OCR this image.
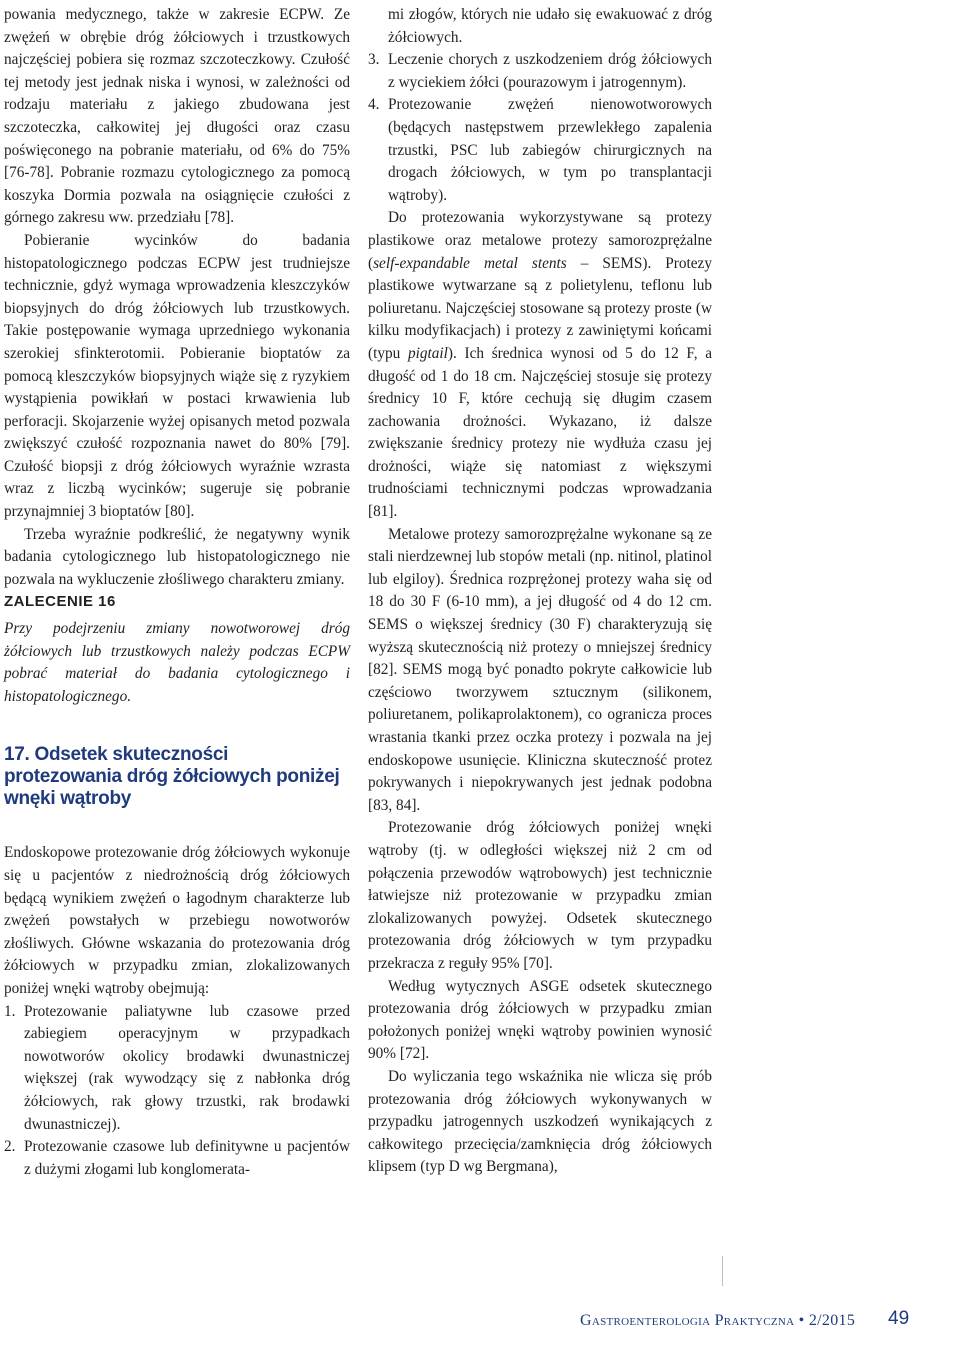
powania medycznego, także w zakresie ECPW. Ze zwężeń w obrębie dróg żółciowych i trzustkowych najczęściej pobiera się rozmaz szczoteczkowy. Czułość tej metody jest jednak niska i wynosi, w zależności od rodzaju materiału z jakiego zbudowana jest szczoteczka, całkowitej jej długości oraz czasu poświęconego na pobranie materiału, od 6% do 75% [76-78]. Pobranie rozmazu cytologicznego za pomocą koszyka Dormia pozwala na osiągnięcie czułości z górnego zakresu ww. przedziału [78].

Pobieranie wycinków do badania histopatologicznego podczas ECPW jest trudniejsze technicznie, gdyż wymaga wprowadzenia kleszczyków biopsyjnych do dróg żółciowych lub trzustkowych. Takie postępowanie wymaga uprzedniego wykonania szerokiej sfinkterotomii. Pobieranie bioptatów za pomocą kleszczyków biopsyjnych wiąże się z ryzykiem wystąpienia powikłań w postaci krwawienia lub perforacji. Skojarzenie wyżej opisanych metod pozwala zwiększyć czułość rozpoznania nawet do 80% [79]. Czułość biopsji z dróg żółciowych wyraźnie wzrasta wraz z liczbą wycinków; sugeruje się pobranie przynajmniej 3 bioptatów [80].

Trzeba wyraźnie podkreślić, że negatywny wynik badania cytologicznego lub histopatologicznego nie pozwala na wykluczenie złośliwego charakteru zmiany.

ZALECENIE 16

Przy podejrzeniu zmiany nowotworowej dróg żółciowych lub trzustkowych należy podczas ECPW pobrać materiał do badania cytologicznego i histopatologicznego.

17. Odsetek skuteczności protezowania dróg żółciowych poniżej wnęki wątroby

Endoskopowe protezowanie dróg żółciowych wykonuje się u pacjentów z niedrożnością dróg żółciowych będącą wynikiem zwężeń o łagodnym charakterze lub zwężeń powstałych w przebiegu nowotworów złośliwych. Główne wskazania do protezowania dróg żółciowych w przypadku zmian, zlokalizowanych poniżej wnęki wątroby obejmują:

1. Protezowanie paliatywne lub czasowe przed zabiegiem operacyjnym w przypadkach nowotworów okolicy brodawki dwunastniczej większej (rak wywodzący się z nabłonka dróg żółciowych, rak głowy trzustki, rak brodawki dwunastniczej).
2. Protezowanie czasowe lub definitywne u pacjentów z dużymi złogami lub konglomerata-
mi złogów, których nie udało się ewakuować z dróg żółciowych.
3. Leczenie chorych z uszkodzeniem dróg żółciowych z wyciekiem żółci (pourazowym i jatrogennym).
4. Protezowanie zwężeń nienowotworowych (będących następstwem przewlekłego zapalenia trzustki, PSC lub zabiegów chirurgicznych na drogach żółciowych, w tym po transplantacji wątroby).

Do protezowania wykorzystywane są protezy plastikowe oraz metalowe protezy samorozprężalne (self-expandable metal stents – SEMS). Protezy plastikowe wytwarzane są z polietylenu, teflonu lub poliuretanu. Najczęściej stosowane są protezy proste (w kilku modyfikacjach) i protezy z zawiniętymi końcami (typu pigtail). Ich średnica wynosi od 5 do 12 F, a długość od 1 do 18 cm. Najczęściej stosuje się protezy średnicy 10 F, które cechują się długim czasem zachowania drożności. Wykazano, iż dalsze zwiększanie średnicy protezy nie wydłuża czasu jej drożności, wiąże się natomiast z większymi trudnościami technicznymi podczas wprowadzania [81].

Metalowe protezy samorozprężalne wykonane są ze stali nierdzewnej lub stopów metali (np. nitinol, platinol lub elgiloy). Średnica rozprężonej protezy waha się od 18 do 30 F (6-10 mm), a jej długość od 4 do 12 cm. SEMS o większej średnicy (30 F) charakteryzują się wyższą skutecznością niż protezy o mniejszej średnicy [82]. SEMS mogą być ponadto pokryte całkowicie lub częściowo tworzywem sztucznym (silikonem, poliuretanem, polikaprolaktonem), co ogranicza proces wrastania tkanki przez oczka protezy i pozwala na jej endoskopowe usunięcie. Kliniczna skuteczność protez pokrywanych i niepokrywanych jest jednak podobna [83, 84].

Protezowanie dróg żółciowych poniżej wnęki wątroby (tj. w odległości większej niż 2 cm od połączenia przewodów wątrobowych) jest technicznie łatwiejsze niż protezowanie w przypadku zmian zlokalizowanych powyżej. Odsetek skutecznego protezowania dróg żółciowych w tym przypadku przekracza z reguły 95% [70].

Według wytycznych ASGE odsetek skutecznego protezowania dróg żółciowych w przypadku zmian położonych poniżej wnęki wątroby powinien wynosić 90% [72].

Do wyliczania tego wskaźnika nie wlicza się prób protezowania dróg żółciowych wykonywanych w przypadku jatrogennych uszkodzeń wynikających z całkowitego przecięcia/zamknięcia dróg żółciowych klipsem (typ D wg Bergmana),

Gastroenterologia Praktyczna • 2/2015 49
